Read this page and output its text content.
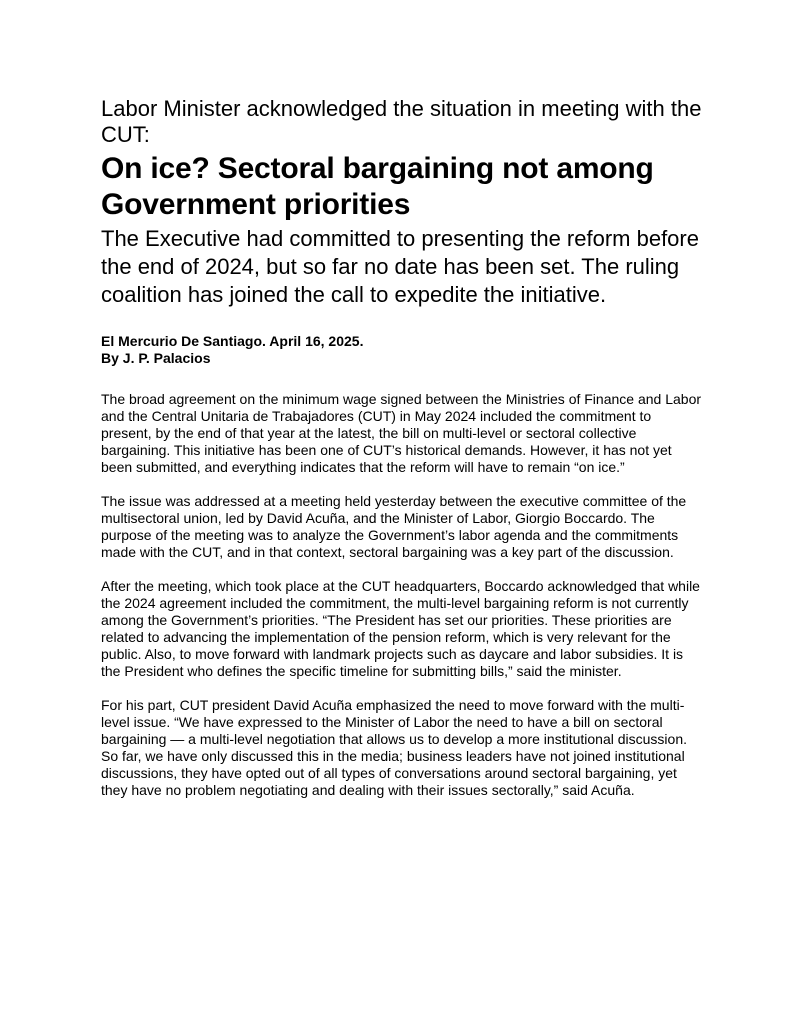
Labor Minister acknowledged the situation in meeting with the CUT:
On ice? Sectoral bargaining not among Government priorities
The Executive had committed to presenting the reform before the end of 2024, but so far no date has been set. The ruling coalition has joined the call to expedite the initiative.
El Mercurio De Santiago. April 16, 2025.
By J. P. Palacios

The broad agreement on the minimum wage signed between the Ministries of Finance and Labor and the Central Unitaria de Trabajadores (CUT) in May 2024 included the commitment to present, by the end of that year at the latest, the bill on multi-level or sectoral collective bargaining. This initiative has been one of CUT’s historical demands. However, it has not yet been submitted, and everything indicates that the reform will have to remain “on ice.”

The issue was addressed at a meeting held yesterday between the executive committee of the multisectoral union, led by David Acuña, and the Minister of Labor, Giorgio Boccardo. The purpose of the meeting was to analyze the Government’s labor agenda and the commitments made with the CUT, and in that context, sectoral bargaining was a key part of the discussion.

After the meeting, which took place at the CUT headquarters, Boccardo acknowledged that while the 2024 agreement included the commitment, the multi-level bargaining reform is not currently among the Government’s priorities. “The President has set our priorities. These priorities are related to advancing the implementation of the pension reform, which is very relevant for the public. Also, to move forward with landmark projects such as daycare and labor subsidies. It is the President who defines the specific timeline for submitting bills,” said the minister.

For his part, CUT president David Acuña emphasized the need to move forward with the multi-level issue. “We have expressed to the Minister of Labor the need to have a bill on sectoral bargaining — a multi-level negotiation that allows us to develop a more institutional discussion. So far, we have only discussed this in the media; business leaders have not joined institutional discussions, they have opted out of all types of conversations around sectoral bargaining, yet they have no problem negotiating and dealing with their issues sectorally,” said Acuña.
